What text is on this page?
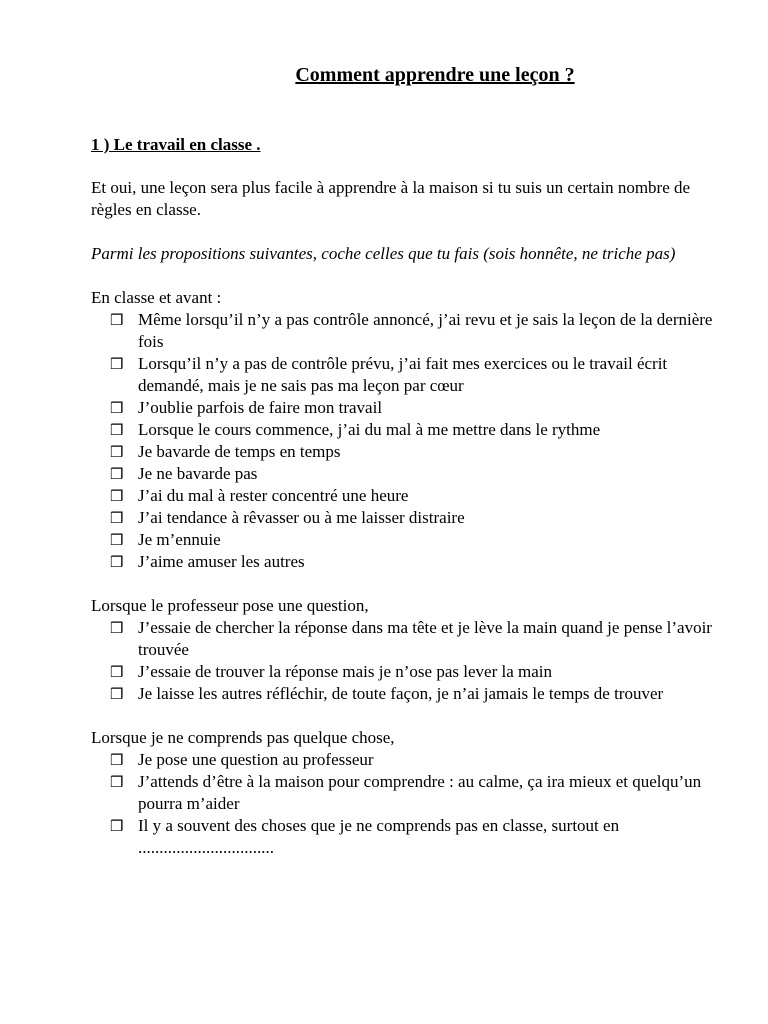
Comment apprendre une leçon ?
1 ) Le travail en classe .

Et oui, une leçon sera plus facile à apprendre à la maison si tu suis un certain nombre de règles en classe.

Parmi les propositions suivantes, coche celles que tu fais (sois honnête, ne triche pas)

En classe et avant :

❒ Même lorsqu’il n’y a pas contrôle annoncé, j’ai revu et je sais la leçon de la dernière fois
❒ Lorsqu’il n’y a pas de contrôle prévu, j’ai fait mes exercices ou le travail écrit demandé, mais je ne sais pas ma leçon par cœur
❒ J’oublie parfois de faire mon travail
❒ Lorsque le cours commence, j’ai du mal à me mettre dans le rythme
❒ Je bavarde de temps en temps
❒ Je ne bavarde pas
❒ J’ai du mal à rester concentré une heure
❒ J’ai tendance à rêvasser ou à me laisser distraire
❒ Je m’ennuie
❒ J’aime amuser les autres

Lorsque le professeur pose une question,

❒ J’essaie de chercher la réponse dans ma tête et je lève la main quand je pense l’avoir trouvée
❒ J’essaie de trouver la réponse mais je n’ose pas lever la main
❒ Je laisse les autres réfléchir, de toute façon, je n’ai jamais le temps de trouver

Lorsque je ne comprends pas quelque chose,

❒ Je pose une question au professeur
❒ J’attends d’être à la maison pour comprendre : au calme, ça ira mieux et quelqu’un pourra m’aider
❒ Il y a souvent des choses que je ne comprends pas en classe, surtout en ................................
